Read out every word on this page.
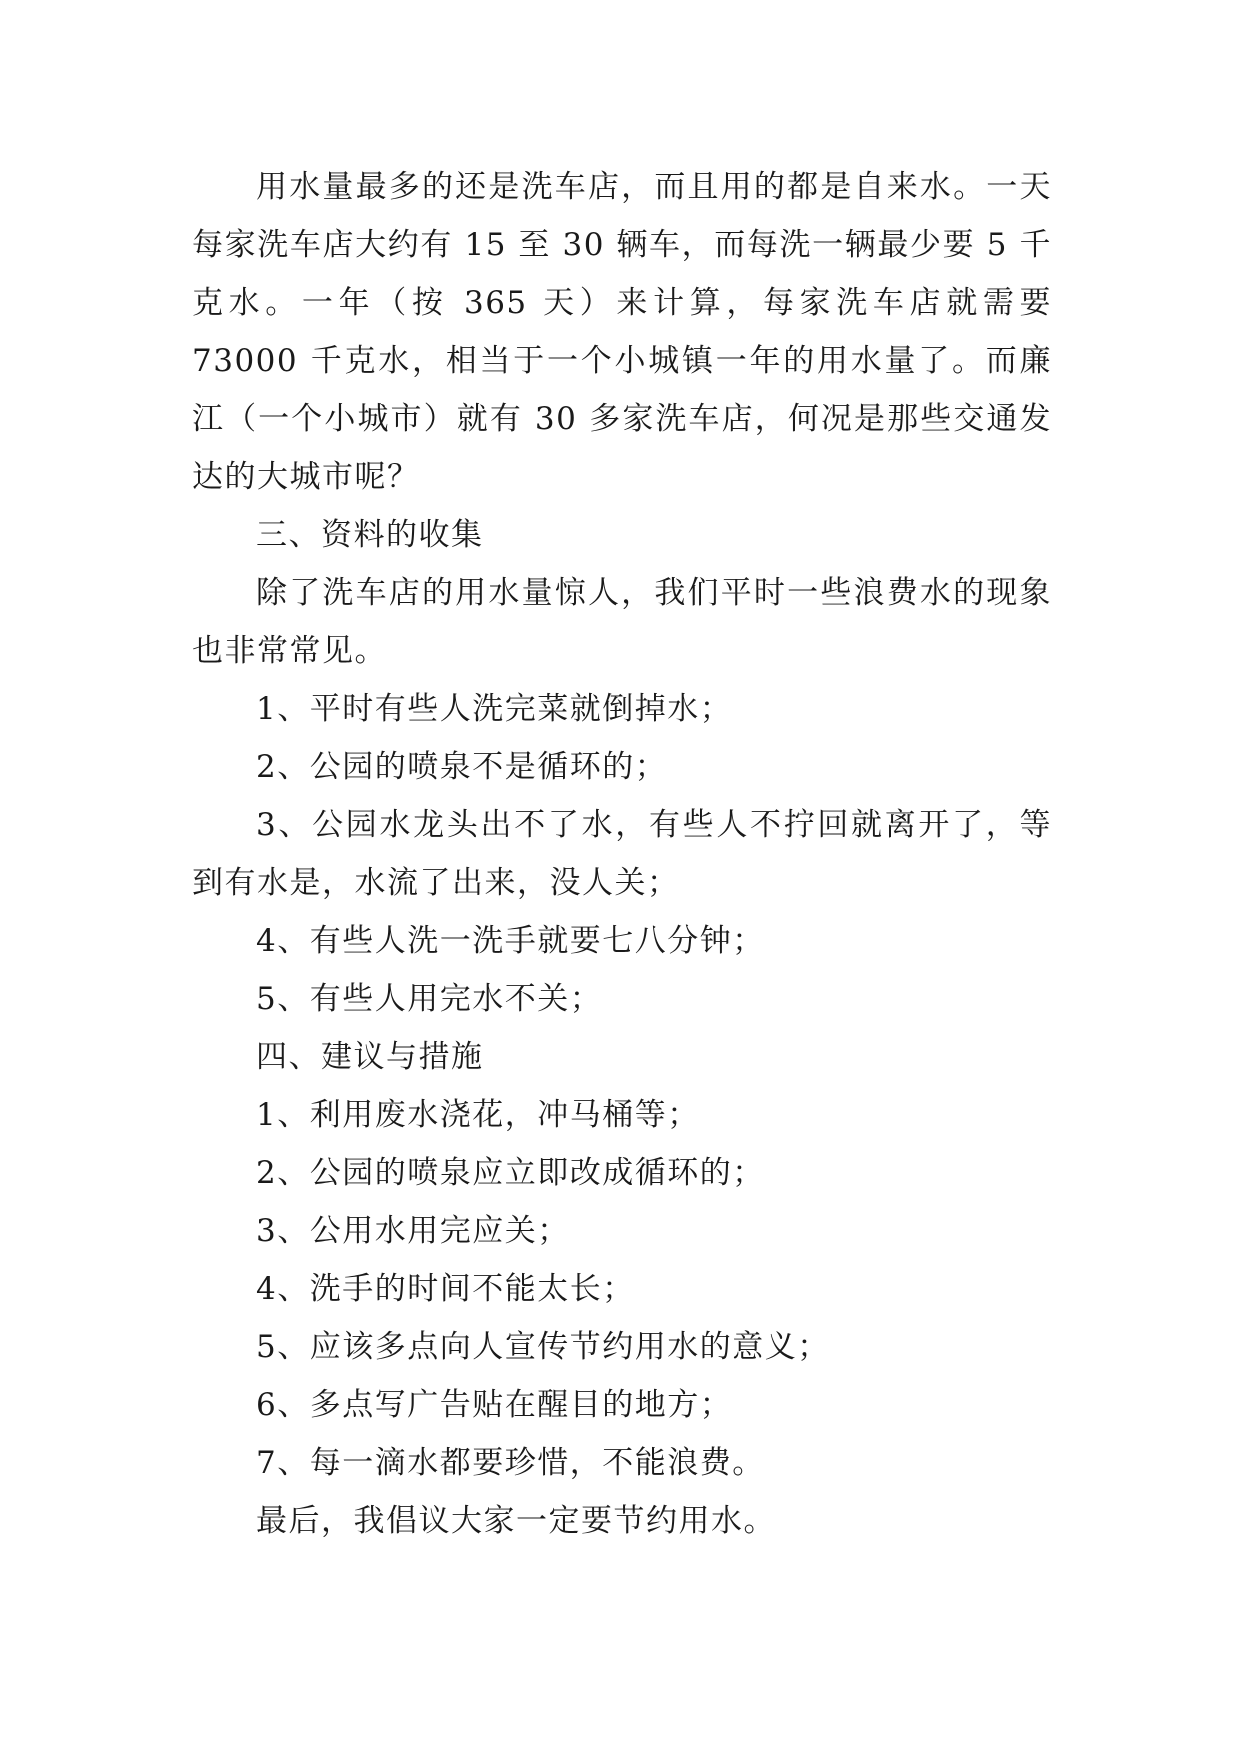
用水量最多的还是洗车店，而且用的都是自来水。一天每家洗车店大约有 15 至 30 辆车，而每洗一辆最少要 5 千克水。一年（按 365 天）来计算，每家洗车店就需要 73000 千克水，相当于一个小城镇一年的用水量了。而廉江（一个小城市）就有 30 多家洗车店，何况是那些交通发达的大城市呢？

三、资料的收集

除了洗车店的用水量惊人，我们平时一些浪费水的现象也非常常见。

1、平时有些人洗完菜就倒掉水；

2、公园的喷泉不是循环的；

3、公园水龙头出不了水，有些人不拧回就离开了，等到有水是，水流了出来，没人关；

4、有些人洗一洗手就要七八分钟；

5、有些人用完水不关；

四、建议与措施

1、利用废水浇花，冲马桶等；

2、公园的喷泉应立即改成循环的；

3、公用水用完应关；

4、洗手的时间不能太长；

5、应该多点向人宣传节约用水的意义；

6、多点写广告贴在醒目的地方；

7、每一滴水都要珍惜，不能浪费。

最后，我倡议大家一定要节约用水。
